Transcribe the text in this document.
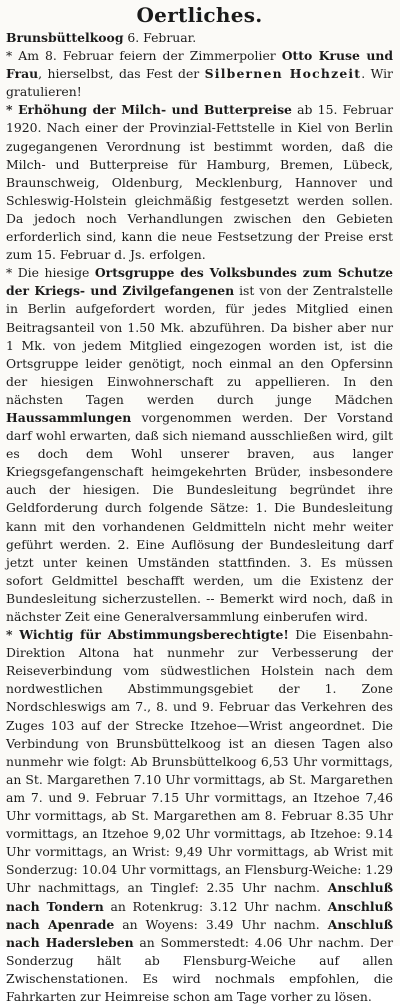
Oertliches.

Brunsbüttelkoog 6. Februar.

* Am 8. Februar feiern der Zimmerpolier Otto Kruse und Frau, hierselbst, das Fest der Silbernen Hochzeit. Wir gratulieren!

* Erhöhung der Milch- und Butterpreise ab 15. Februar 1920. Nach einer der Provinzial-Fettstelle in Kiel von Berlin zugegangenen Verordnung ist bestimmt worden, daß die Milch- und Butterpreise für Hamburg, Bremen, Lübeck, Braunschweig, Oldenburg, Mecklenburg, Hannover und Schleswig-Holstein gleichmäßig festgesetzt werden sollen. Da jedoch noch Verhandlungen zwischen den Gebieten erforderlich sind, kann die neue Festsetzung der Preise erst zum 15. Februar d. Js. erfolgen.

* Die hiesige Ortsgruppe des Volksbundes zum Schutze der Kriegs- und Zivilgefangenen ist von der Zentralstelle in Berlin aufgefordert worden, für jedes Mitglied einen Beitragsanteil von 1.50 Mk. abzuführen. Da bisher aber nur 1 Mk. von jedem Mitglied eingezogen worden ist, ist die Ortsgruppe leider genötigt, noch einmal an den Opfersinn der hiesigen Einwohnerschaft zu appellieren. In den nächsten Tagen werden durch junge Mädchen Haussammlungen vorgenommen werden. Der Vorstand darf wohl erwarten, daß sich niemand ausschließen wird, gilt es doch dem Wohl unserer braven, aus langer Kriegsgefangenschaft heimgekehrten Brüder, insbesondere auch der hiesigen. Die Bundesleitung begründet ihre Geldforderung durch folgende Sätze: 1. Die Bundesleitung kann mit den vorhandenen Geldmitteln nicht mehr weiter geführt werden. 2. Eine Auflösung der Bundesleitung darf jetzt unter keinen Umständen stattfinden. 3. Es müssen sofort Geldmittel beschafft werden, um die Existenz der Bundesleitung sicherzustellen. -- Bemerkt wird noch, daß in nächster Zeit eine Generalversammlung einberufen wird.

* Wichtig für Abstimmungsberechtigte! Die Eisenbahn-Direktion Altona hat nunmehr zur Verbesserung der Reiseverbindung vom südwestlichen Holstein nach dem nordwestlichen Abstimmungsgebiet der 1. Zone Nordschleswigs am 7., 8. und 9. Februar das Verkehren des Zuges 103 auf der Strecke Itzehoe—Wrist angeordnet. Die Verbindung von Brunsbüttelkoog ist an diesen Tagen also nunmehr wie folgt: Ab Brunsbüttelkoog 6,53 Uhr vormittags, an St. Margarethen 7.10 Uhr vormittags, ab St. Margarethen am 7. und 9. Februar 7.15 Uhr vormittags, an Itzehoe 7,46 Uhr vormittags, ab St. Margarethen am 8. Februar 8.35 Uhr vormittags, an Itzehoe 9,02 Uhr vormittags, ab Itzehoe: 9.14 Uhr vormittags, an Wrist: 9,49 Uhr vormittags, ab Wrist mit Sonderzug: 10.04 Uhr vormittags, an Flensburg-Weiche: 1.29 Uhr nachmittags, an Tinglef: 2.35 Uhr nachm. Anschluß nach Tondern an Rotenkrug: 3.12 Uhr nachm. Anschluß nach Apenrade an Woyens: 3.49 Uhr nachm. Anschluß nach Hadersleben an Sommerstedt: 4.06 Uhr nachm. Der Sonderzug hält ab Flensburg-Weiche auf allen Zwischenstationen. Es wird nochmals empfohlen, die Fahrkarten zur Heimreise schon am Tage vorher zu lösen.
